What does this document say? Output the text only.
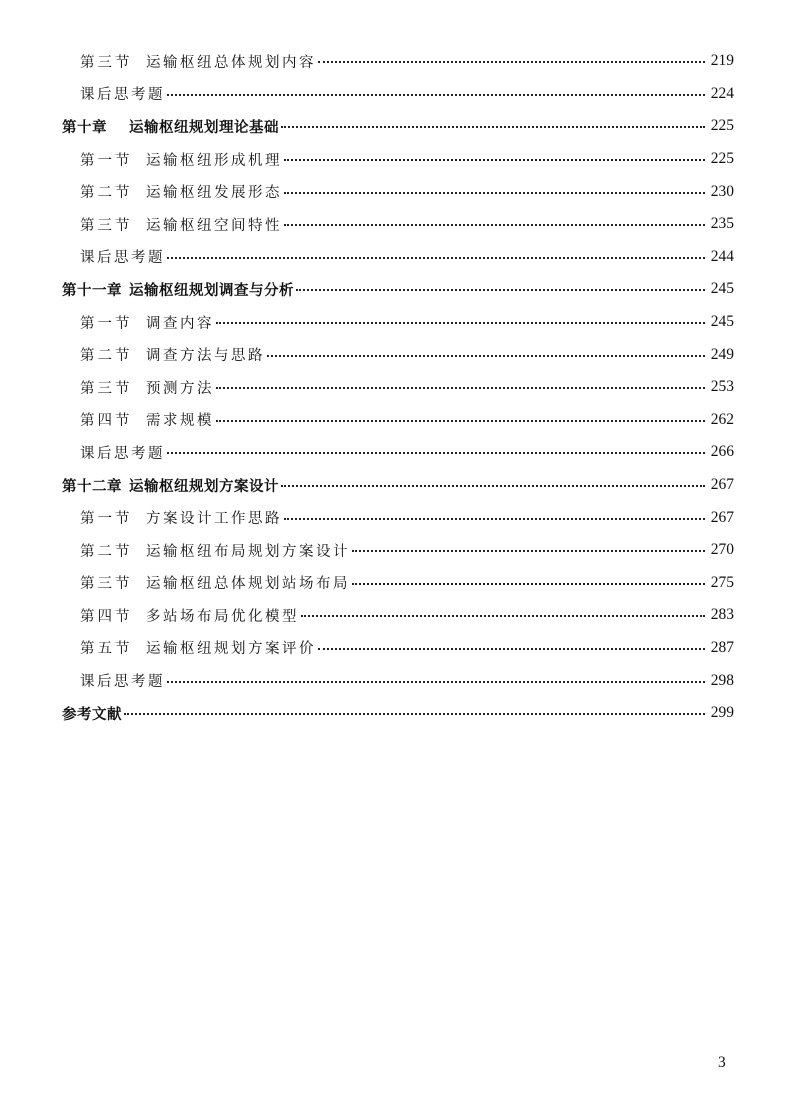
第三节 运输枢纽总体规划内容	219
课后思考题	224
第十章	运输枢纽规划理论基础	225
第一节 运输枢纽形成机理	225
第二节 运输枢纽发展形态	230
第三节 运输枢纽空间特性	235
课后思考题	244
第十一章 运输枢纽规划调查与分析	245
第一节 调查内容	245
第二节 调查方法与思路	249
第三节 预测方法	253
第四节 需求规模	262
课后思考题	266
第十二章 运输枢纽规划方案设计	267
第一节 方案设计工作思路	267
第二节 运输枢纽布局规划方案设计	270
第三节 运输枢纽总体规划站场布局	275
第四节 多站场布局优化模型	283
第五节 运输枢纽规划方案评价	287
课后思考题	298
参考文献	299
3
